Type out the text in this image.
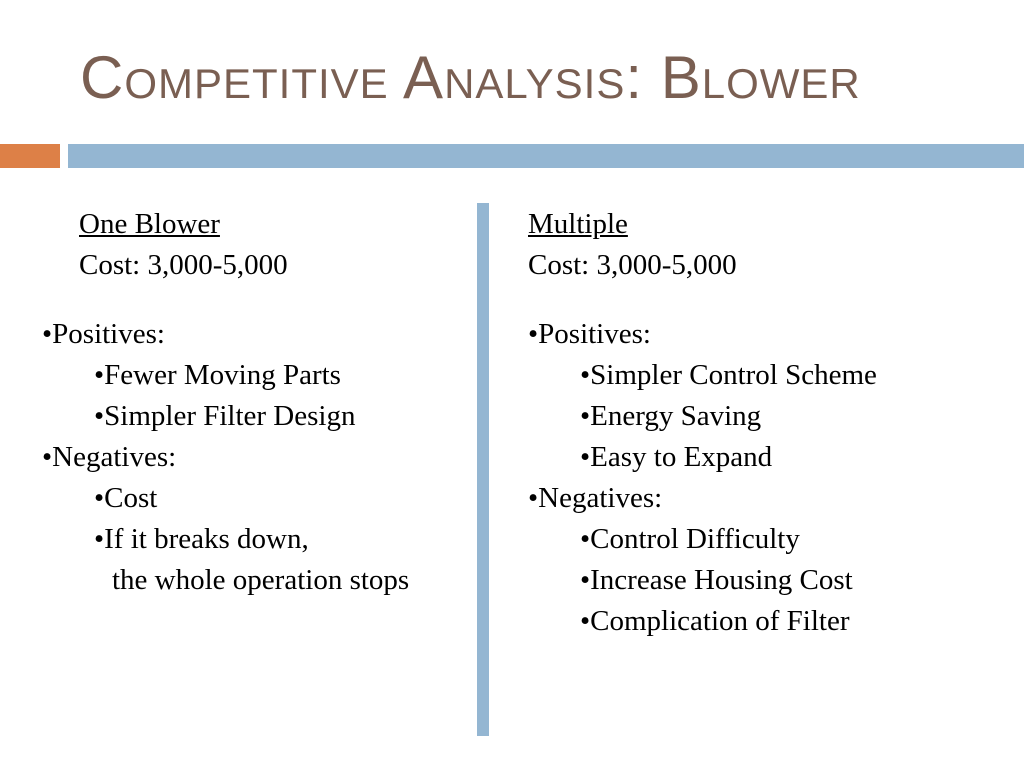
Competitive Analysis: Blower
One Blower
Cost: 3,000-5,000
•Positives:
•Fewer Moving Parts
•Simpler Filter Design
•Negatives:
•Cost
•If it breaks down,
the whole operation stops
Multiple
Cost: 3,000-5,000
•Positives:
•Simpler Control Scheme
•Energy Saving
•Easy to Expand
•Negatives:
•Control Difficulty
•Increase Housing Cost
•Complication of Filter
